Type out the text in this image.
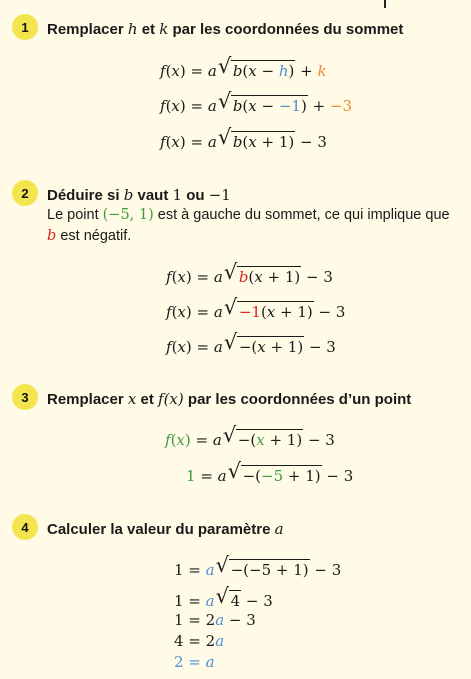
1	Remplacer h et k par les coordonnées du sommet
f(x) = a √ b(x − h) + k
f(x) = a √ b(x − −1) + −3
f(x) = a √ b(x + 1) − 3
2	Déduire si b vaut 1 ou −1
Le point (−5, 1) est à gauche du sommet, ce qui implique que b est négatif.
f(x) = a √ b(x + 1) − 3
f(x) = a √ −1(x + 1) − 3
f(x) = a √ −(x + 1) − 3
3	Remplacer x et f(x) par les coordonnées d’un point
f(x) = a √ −(x + 1) − 3
1 = a √ −(−5 + 1) − 3
4	Calculer la valeur du paramètre a
1 = a √ −(−5 + 1) − 3
1 = a √ 4 − 3
1 = 2a − 3
4 = 2a
2 = a
